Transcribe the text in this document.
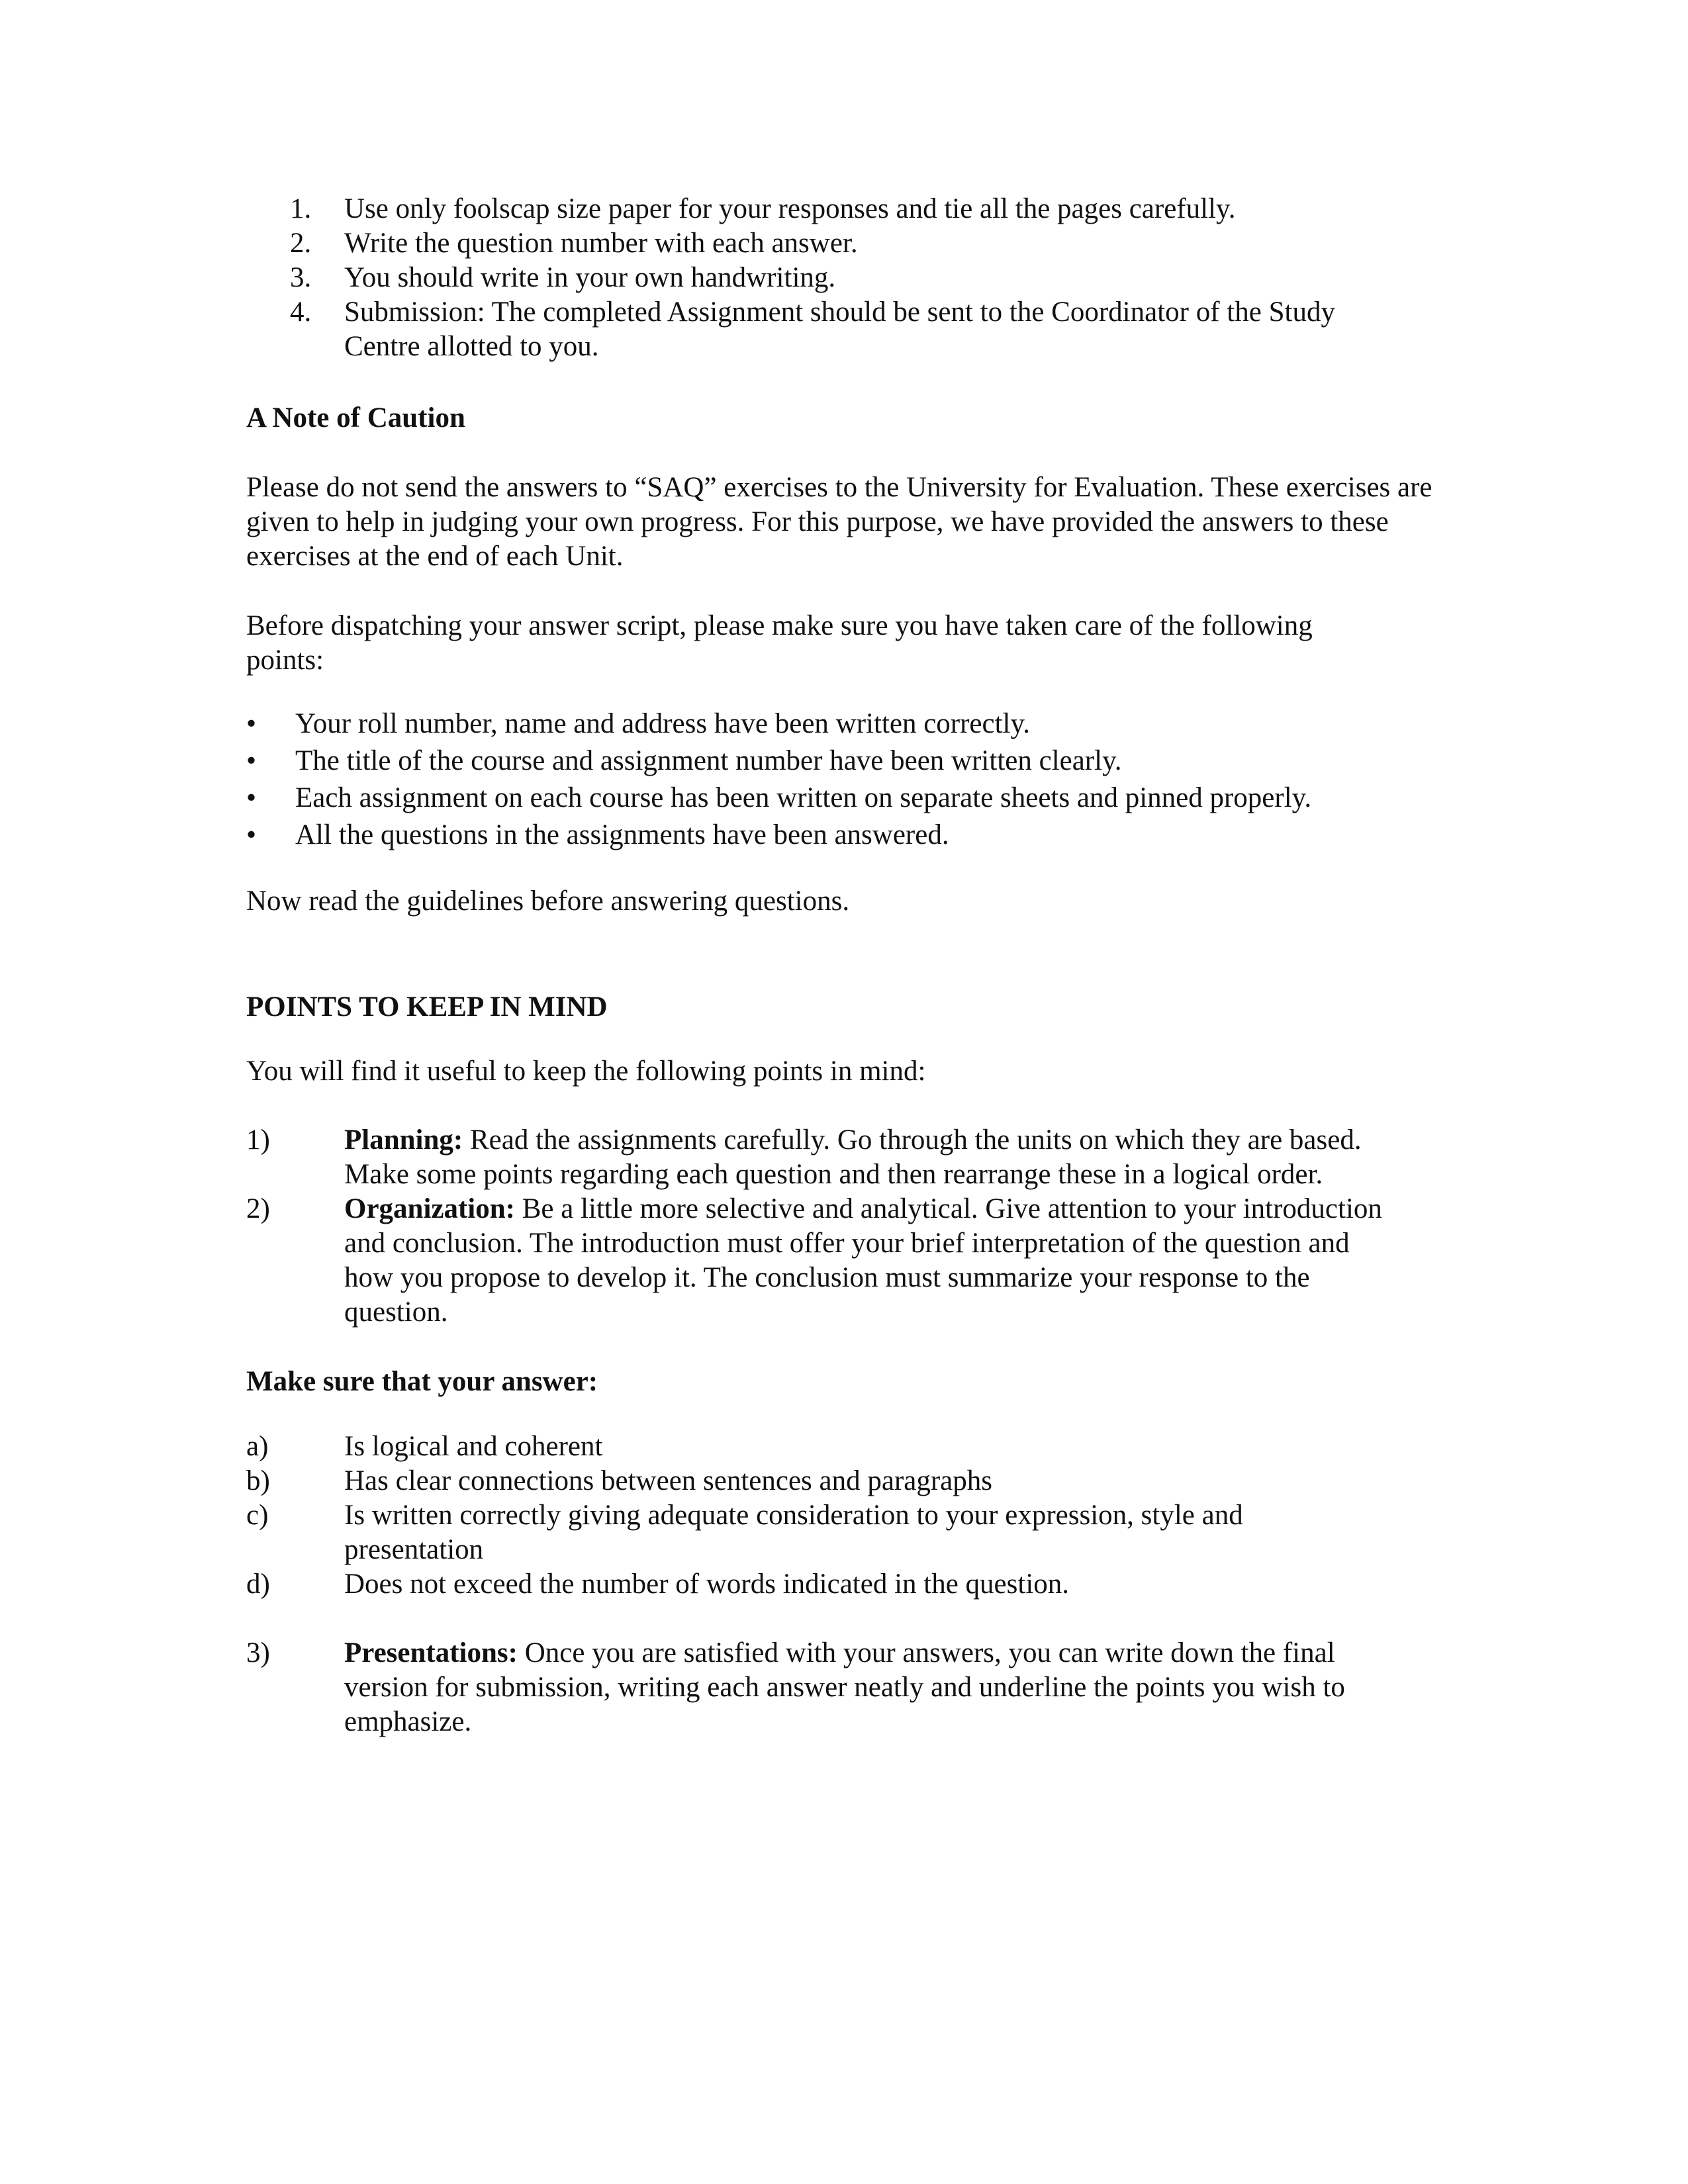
1. Use only foolscap size paper for your responses and tie all the pages carefully.
2. Write the question number with each answer.
3. You should write in your own handwriting.
4. Submission: The completed Assignment should be sent to the Coordinator of the Study Centre allotted to you.
A Note of Caution

Please do not send the answers to “SAQ” exercises to the University for Evaluation. These exercises are given to help in judging your own progress. For this purpose, we have provided the answers to these exercises at the end of each Unit.

Before dispatching your answer script, please make sure you have taken care of the following points:

• Your roll number, name and address have been written correctly.
• The title of the course and assignment number have been written clearly.
• Each assignment on each course has been written on separate sheets and pinned properly.
• All the questions in the assignments have been answered.

Now read the guidelines before answering questions.

POINTS TO KEEP IN MIND

You will find it useful to keep the following points in mind:

1)	Planning: Read the assignments carefully. Go through the units on which they are based. Make some points regarding each question and then rearrange these in a logical order.
2)	Organization: Be a little more selective and analytical. Give attention to your introduction and conclusion. The introduction must offer your brief interpretation of the question and how you propose to develop it. The conclusion must summarize your response to the question.
Make sure that your answer:
a)	Is logical and coherent
b)	Has clear connections between sentences and paragraphs
c)	Is written correctly giving adequate consideration to your expression, style and presentation
d)	Does not exceed the number of words indicated in the question.
3)	Presentations: Once you are satisfied with your answers, you can write down the final version for submission, writing each answer neatly and underline the points you wish to emphasize.
